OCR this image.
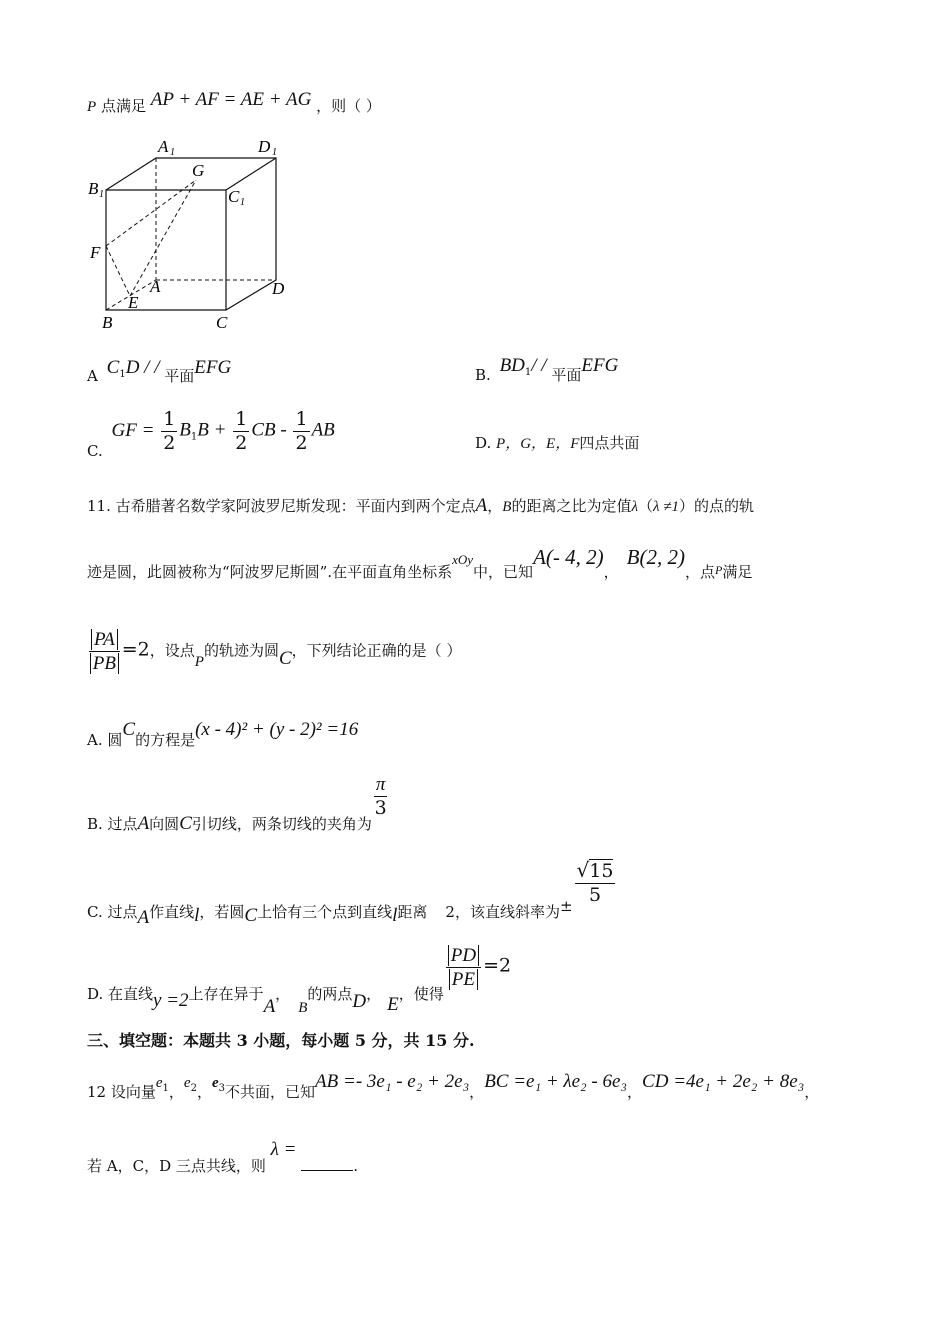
P 点满足 AP + AF = AE + AG ，则（ ）
A 1	D 1
B 1	C 1
G
F
A
E
B	C
D
A $C_1D$ / / 平面EFG	B. $BD_1/$ / 平面EFG
C. GF = $\frac{1}{2} B_1B + \frac{1}{2}$ CB - $\frac{1}{2}$ AB
D. P，G，E，F四点共面
11. 古希腊著名数学家阿波罗尼斯发现：平面内到两个定点A，B的距离之比为定值λ（λ ≠1）的点的轨
迹是圆，此圆被称为“阿波罗尼斯圆”.在平面直角坐标系xOy中，已知A(- 4, 2)，B(2, 2)，点$_P$满足
$\frac{PA}{PB} =2$，设点P的轨迹为圆C，下列结论正确的是（ ）
A. 圆C的方程是(x - 4)² + (y - 2)² =16
B. 过点A向圆C引切线，两条切线的夹角为
$\frac{\pi}{3}$
C. 过点A作直线l，若圆C上恰有三个点到直线l距离 2，该直线斜率为±
$\frac{√15}{5}$
D. 在直线y =2上存在异于A，B的两点D， E，使得
$\frac{PD}{PE} =2$
三、填空题：本题共 3 小题，每小题 5 分，共 15 分.
12 设向量$e_1$，$e_2$，$e_3$不共面，已知AB =- 3e₁ - e₂ + 2e₃，BC =e₁ + λe₂ - 6e₃，CD =4e₁ + 2e₂ + 8e₃，
若 A，C，D 三点共线，则 λ = .
